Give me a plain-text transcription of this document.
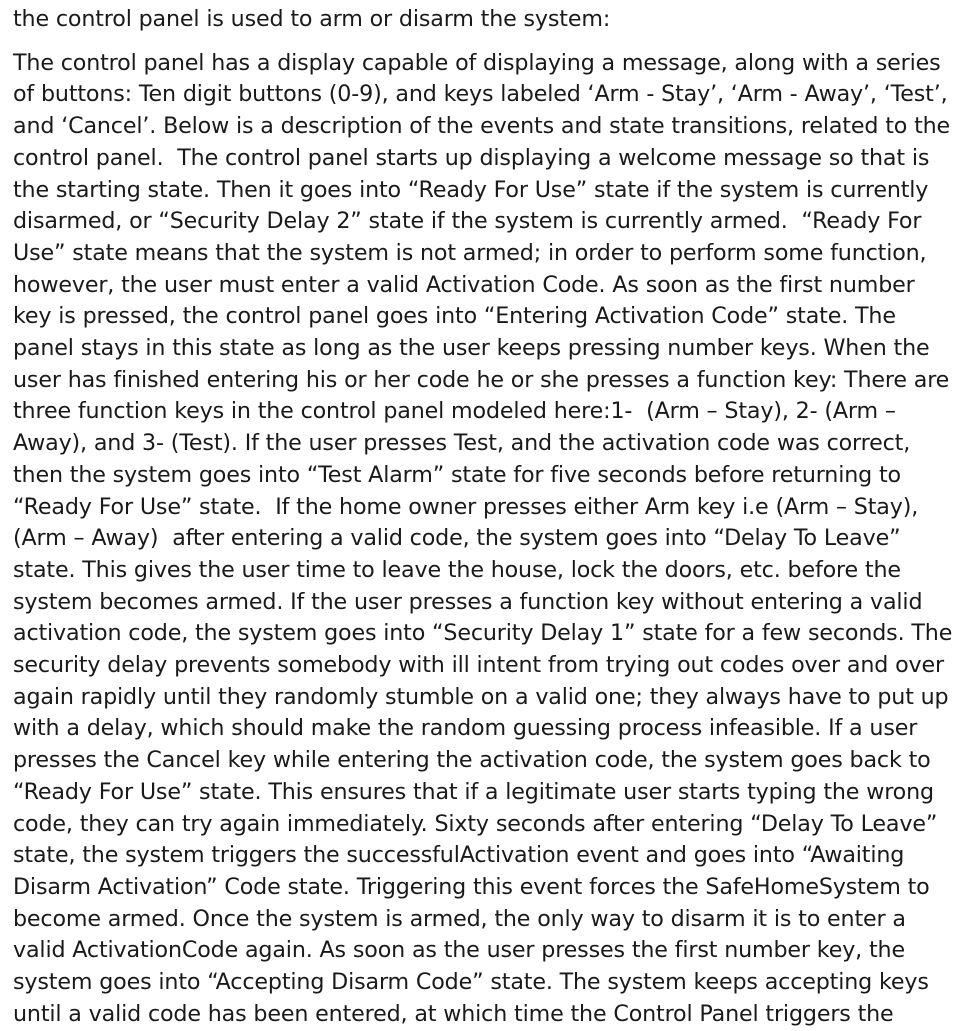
the control panel is used to arm or disarm the system:

The control panel has a display capable of displaying a message, along with a series
of buttons: Ten digit buttons (0-9), and keys labeled ‘Arm - Stay’, ‘Arm - Away’, ‘Test’,
and ‘Cancel’. Below is a description of the events and state transitions, related to the
control panel.  The control panel starts up displaying a welcome message so that is
the starting state. Then it goes into “Ready For Use” state if the system is currently
disarmed, or “Security Delay 2” state if the system is currently armed.  “Ready For
Use” state means that the system is not armed; in order to perform some function,
however, the user must enter a valid Activation Code. As soon as the first number
key is pressed, the control panel goes into “Entering Activation Code” state. The
panel stays in this state as long as the user keeps pressing number keys. When the
user has finished entering his or her code he or she presses a function key: There are
three function keys in the control panel modeled here:1-  (Arm – Stay), 2- (Arm –
Away), and 3- (Test). If the user presses Test, and the activation code was correct,
then the system goes into “Test Alarm” state for five seconds before returning to
“Ready For Use” state.  If the home owner presses either Arm key i.e (Arm – Stay),
(Arm – Away)  after entering a valid code, the system goes into “Delay To Leave”
state. This gives the user time to leave the house, lock the doors, etc. before the
system becomes armed. If the user presses a function key without entering a valid
activation code, the system goes into “Security Delay 1” state for a few seconds. The
security delay prevents somebody with ill intent from trying out codes over and over
again rapidly until they randomly stumble on a valid one; they always have to put up
with a delay, which should make the random guessing process infeasible. If a user
presses the Cancel key while entering the activation code, the system goes back to
“Ready For Use” state. This ensures that if a legitimate user starts typing the wrong
code, they can try again immediately. Sixty seconds after entering “Delay To Leave”
state, the system triggers the successfulActivation event and goes into “Awaiting
Disarm Activation” Code state. Triggering this event forces the SafeHomeSystem to
become armed. Once the system is armed, the only way to disarm it is to enter a
valid ActivationCode again. As soon as the user presses the first number key, the
system goes into “Accepting Disarm Code” state. The system keeps accepting keys
until a valid code has been entered, at which time the Control Panel triggers the
